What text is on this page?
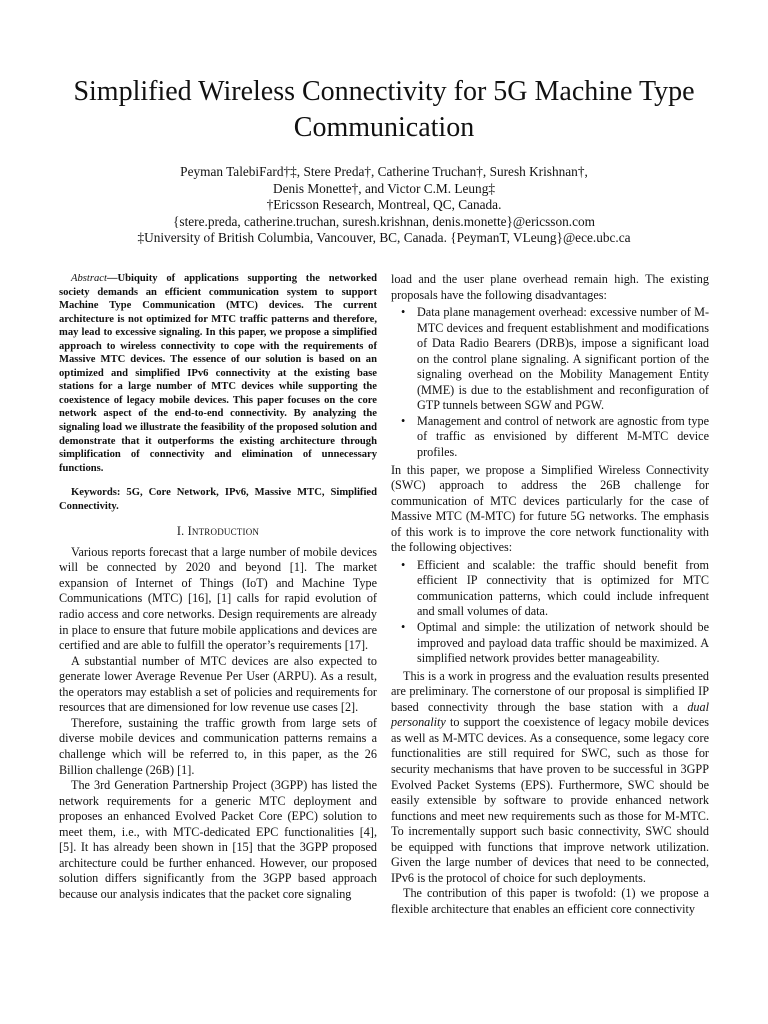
Simplified Wireless Connectivity for 5G Machine Type Communication
Peyman TalebiFard†‡, Stere Preda†, Catherine Truchan†, Suresh Krishnan†,
Denis Monette†, and Victor C.M. Leung‡
†Ericsson Research, Montreal, QC, Canada.
{stere.preda, catherine.truchan, suresh.krishnan, denis.monette}@ericsson.com
‡University of British Columbia, Vancouver, BC, Canada. {PeymanT, VLeung}@ece.ubc.ca

Abstract—Ubiquity of applications supporting the networked society demands an efficient communication system to support Machine Type Communication (MTC) devices. The current architecture is not optimized for MTC traffic patterns and therefore, may lead to excessive signaling. In this paper, we propose a simplified approach to wireless connectivity to cope with the requirements of Massive MTC devices. The essence of our solution is based on an optimized and simplified IPv6 connectivity at the existing base stations for a large number of MTC devices while supporting the coexistence of legacy mobile devices. This paper focuses on the core network aspect of the end-to-end connectivity. By analyzing the signaling load we illustrate the feasibility of the proposed solution and demonstrate that it outperforms the existing architecture through simplification of connectivity and elimination of unnecessary functions.

Keywords: 5G, Core Network, IPv6, Massive MTC, Simplified Connectivity.

I. Introduction

Various reports forecast that a large number of mobile devices will be connected by 2020 and beyond [1]. The market expansion of Internet of Things (IoT) and Machine Type Communications (MTC) [16], [1] calls for rapid evolution of radio access and core networks. Design requirements are already in place to ensure that future mobile applications and devices are certified and are able to fulfill the operator’s requirements [17].

A substantial number of MTC devices are also expected to generate lower Average Revenue Per User (ARPU). As a result, the operators may establish a set of policies and requirements for resources that are dimensioned for low revenue use cases [2].

Therefore, sustaining the traffic growth from large sets of diverse mobile devices and communication patterns remains a challenge which will be referred to, in this paper, as the 26 Billion challenge (26B) [1].

The 3rd Generation Partnership Project (3GPP) has listed the network requirements for a generic MTC deployment and proposes an enhanced Evolved Packet Core (EPC) solution to meet them, i.e., with MTC-dedicated EPC functionalities [4], [5]. It has already been shown in [15] that the 3GPP proposed architecture could be further enhanced. However, our proposed solution differs significantly from the 3GPP based approach because our analysis indicates that the packet core signaling

load and the user plane overhead remain high. The existing proposals have the following disadvantages:

• Data plane management overhead: excessive number of M-MTC devices and frequent establishment and modifications of Data Radio Bearers (DRB)s, impose a significant load on the control plane signaling. A significant portion of the signaling overhead on the Mobility Management Entity (MME) is due to the establishment and reconfiguration of GTP tunnels between SGW and PGW.
• Management and control of network are agnostic from type of traffic as envisioned by different M-MTC device profiles.

In this paper, we propose a Simplified Wireless Connectivity (SWC) approach to address the 26B challenge for communication of MTC devices particularly for the case of Massive MTC (M-MTC) for future 5G networks. The emphasis of this work is to improve the core network functionality with the following objectives:

• Efficient and scalable: the traffic should benefit from efficient IP connectivity that is optimized for MTC communication patterns, which could include infrequent and small volumes of data.
• Optimal and simple: the utilization of network should be improved and payload data traffic should be maximized. A simplified network provides better manageability.

This is a work in progress and the evaluation results presented are preliminary. The cornerstone of our proposal is simplified IP based connectivity through the base station with a dual personality to support the coexistence of legacy mobile devices as well as M-MTC devices. As a consequence, some legacy core functionalities are still required for SWC, such as those for security mechanisms that have proven to be successful in 3GPP Evolved Packet Systems (EPS). Furthermore, SWC should be easily extensible by software to provide enhanced network functions and meet new requirements such as those for M-MTC. To incrementally support such basic connectivity, SWC should be equipped with functions that improve network utilization. Given the large number of devices that need to be connected, IPv6 is the protocol of choice for such deployments.

The contribution of this paper is twofold: (1) we propose a flexible architecture that enables an efficient core connectivity
